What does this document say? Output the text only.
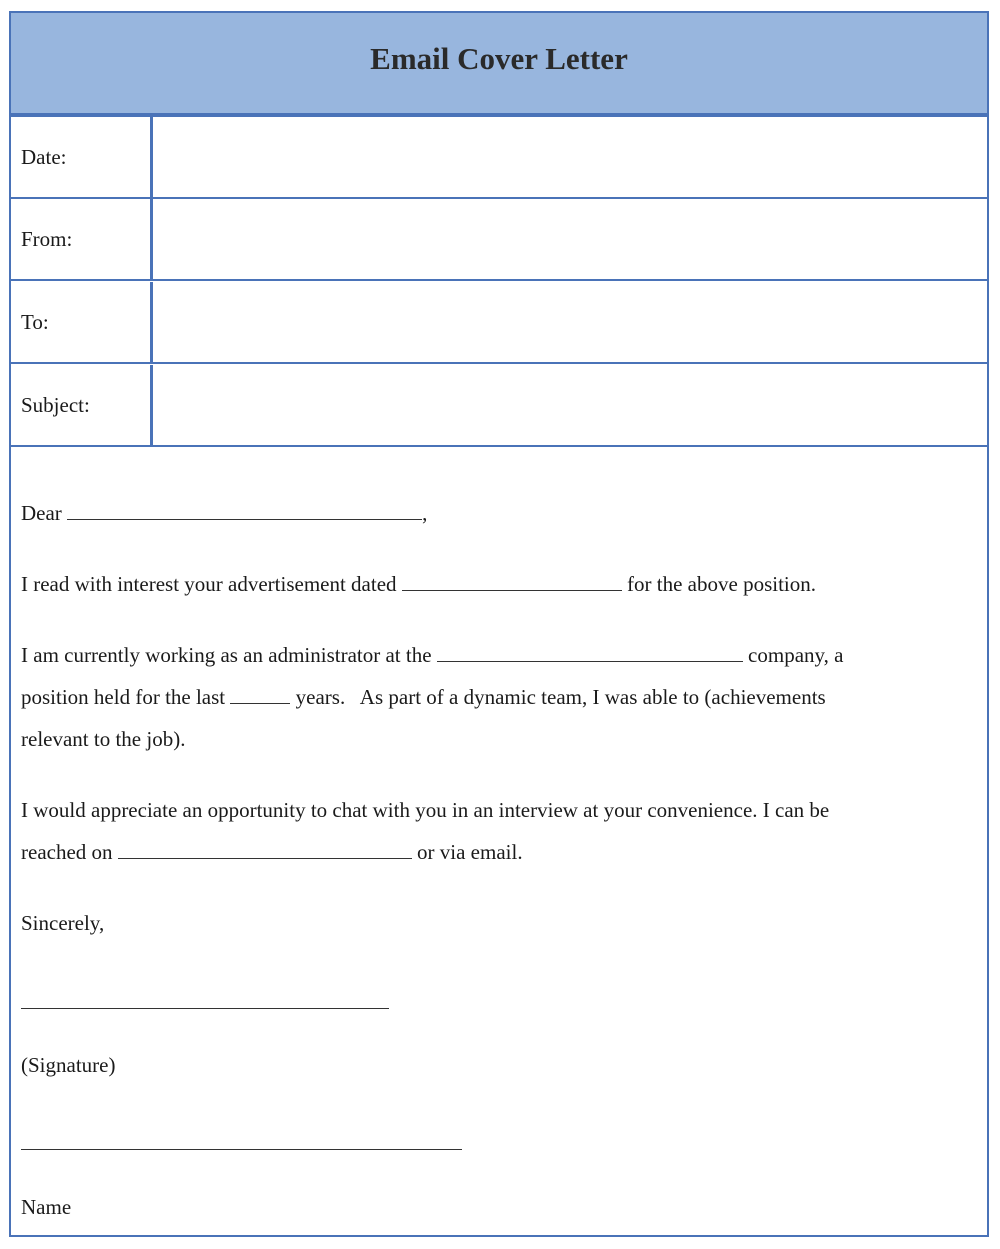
Email Cover Letter
Date:
From:
To:
Subject:
Dear	,
I read with interest your advertisement dated	for the above position.
I am currently working as an administrator at the	company, a
position held for the last	years. As part of a dynamic team, I was able to (achievements
relevant to the job).
I would appreciate an opportunity to chat with you in an interview at your convenience. I can be
reached on	or via email.
Sincerely,
(Signature)
Name
